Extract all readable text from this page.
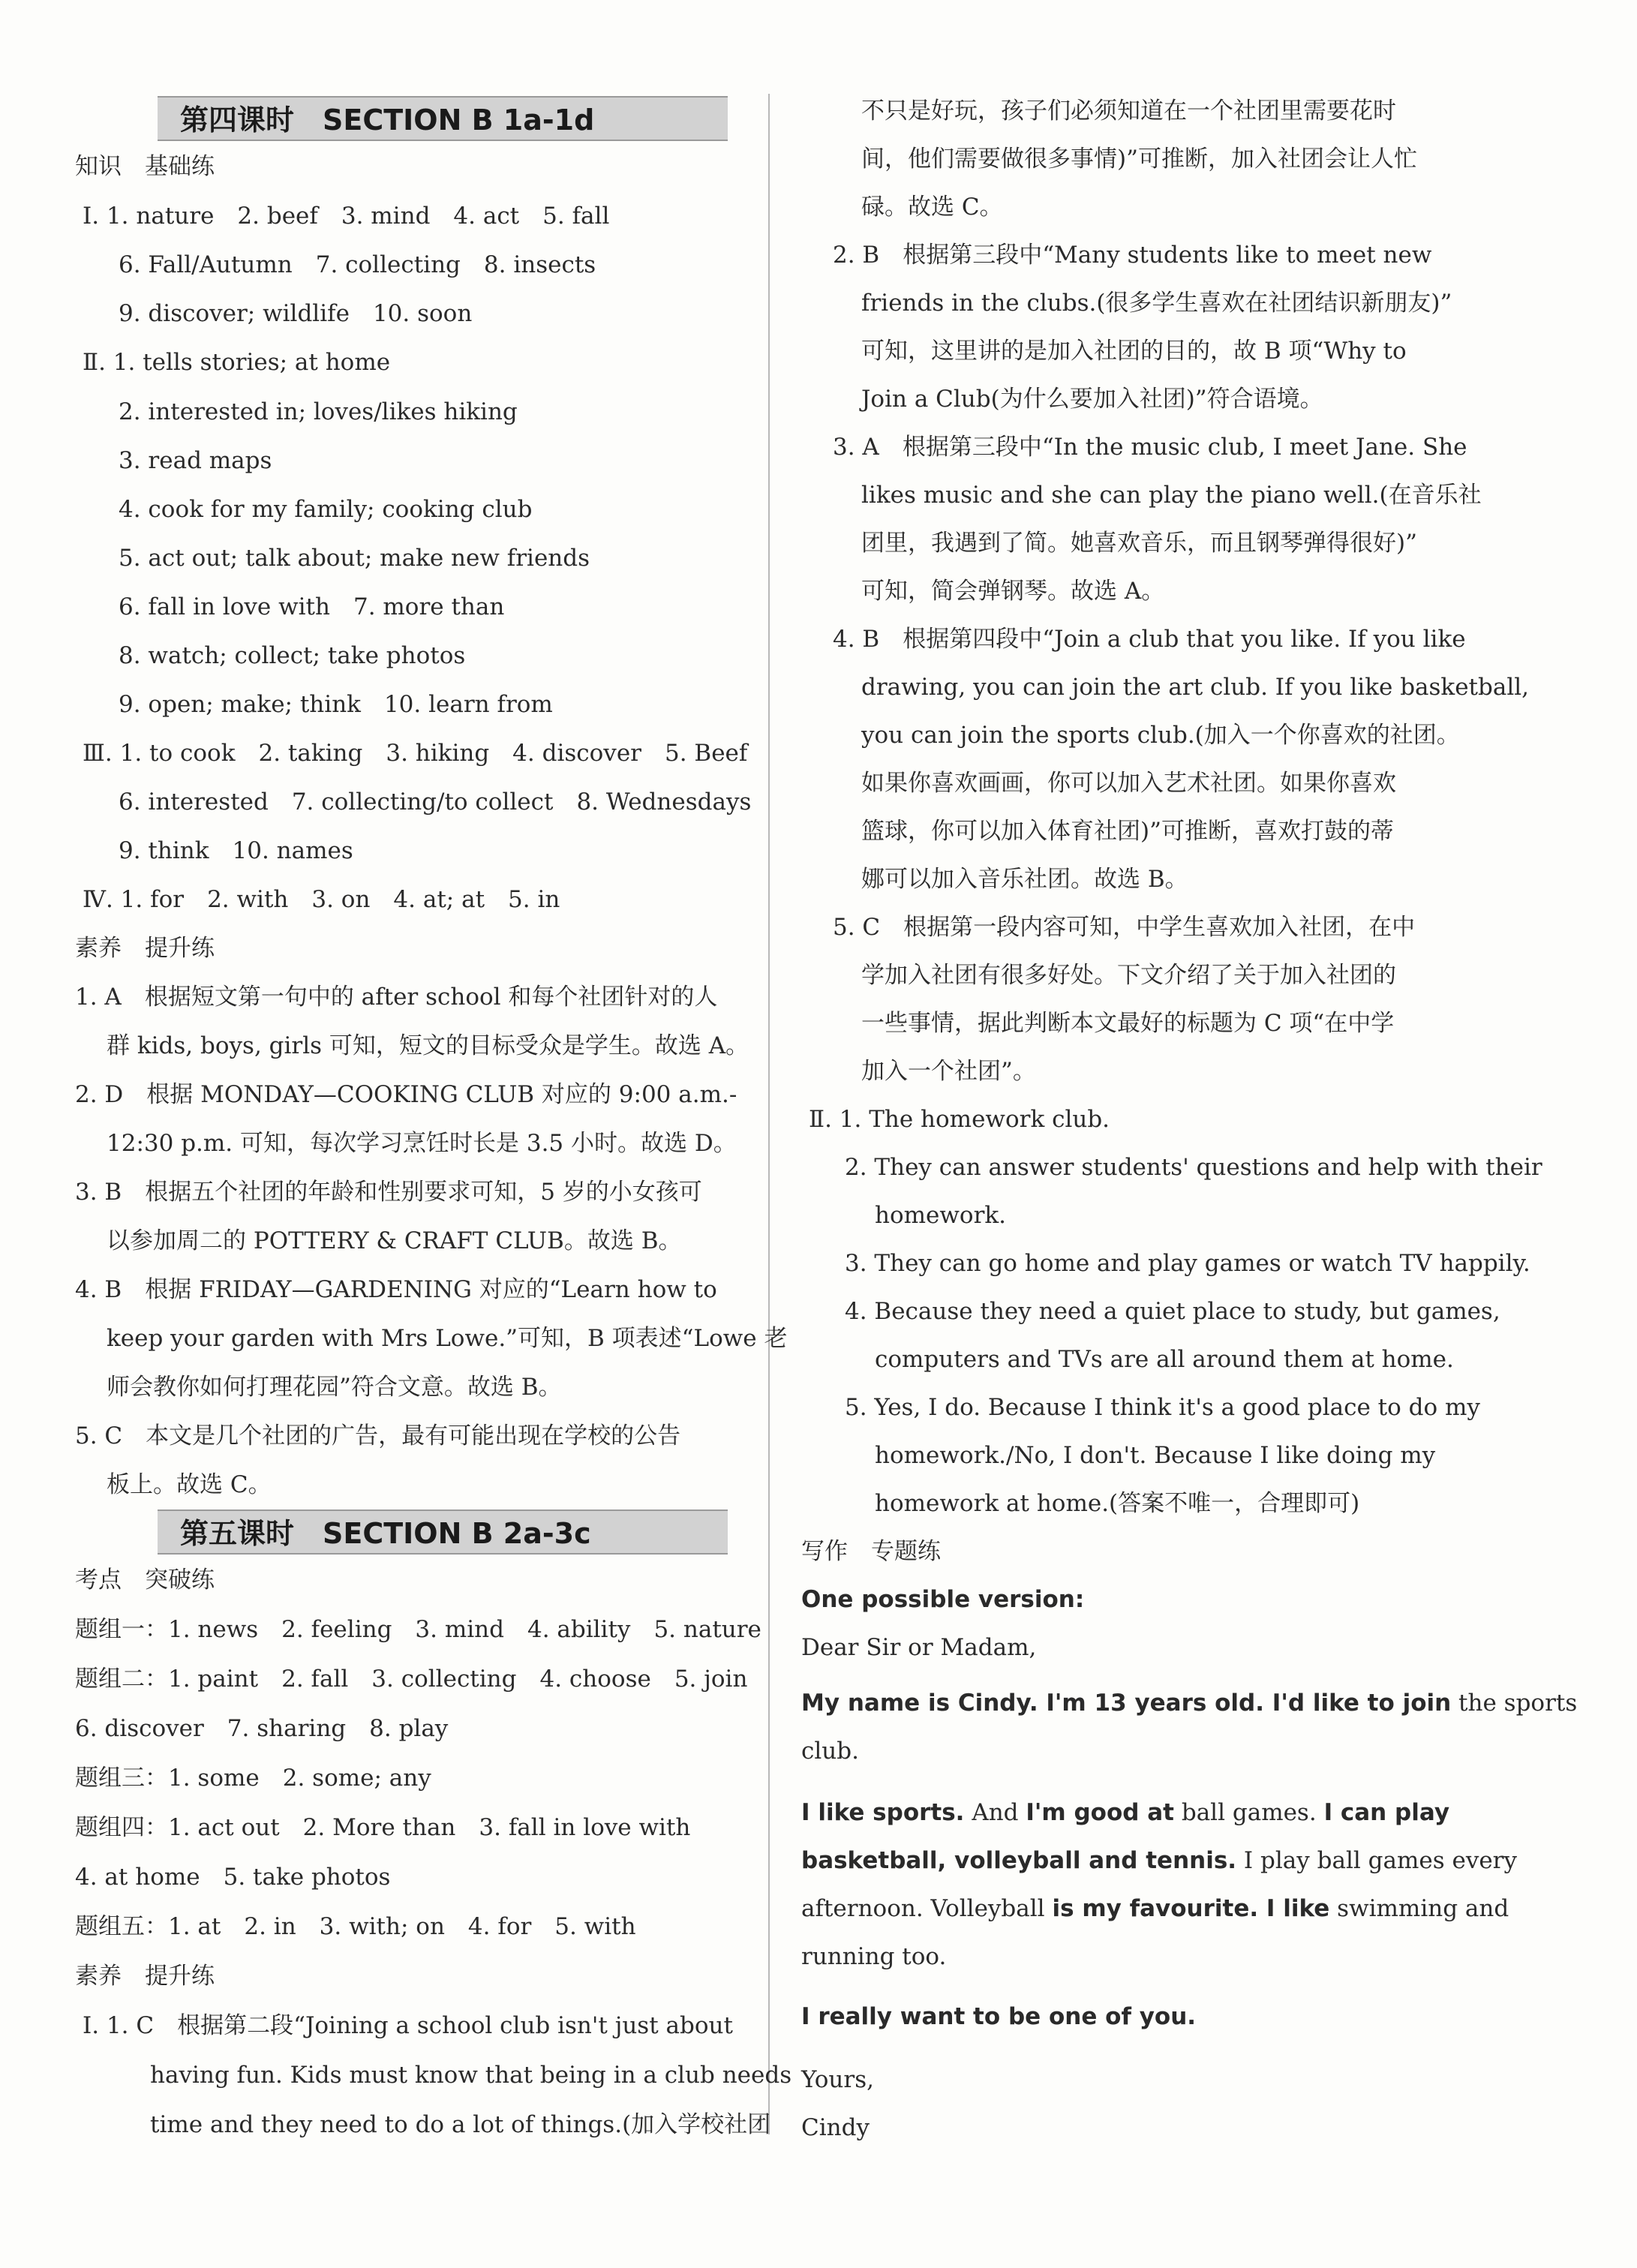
第四课时　SECTION B 1a-1d
知识　基础练
Ⅰ. 1. nature　2. beef　3. mind　4. act　5. fall
6. Fall/Autumn　7. collecting　8. insects
9. discover; wildlife　10. soon
Ⅱ. 1. tells stories; at home
2. interested in; loves/likes hiking
3. read maps
4. cook for my family; cooking club
5. act out; talk about; make new friends
6. fall in love with　7. more than
8. watch; collect; take photos
9. open; make; think　10. learn from
Ⅲ. 1. to cook　2. taking　3. hiking　4. discover　5. Beef
6. interested　7. collecting/to collect　8. Wednesdays
9. think　10. names
Ⅳ. 1. for　2. with　3. on　4. at; at　5. in
素养　提升练
1. A　根据短文第一句中的 after school 和每个社团针对的人
群 kids, boys, girls 可知，短文的目标受众是学生。故选 A。
2. D　根据 MONDAY—COOKING CLUB 对应的 9:00 a.m.-
12:30 p.m. 可知，每次学习烹饪时长是 3.5 小时。故选 D。
3. B　根据五个社团的年龄和性别要求可知，5 岁的小女孩可
以参加周二的 POTTERY & CRAFT CLUB。故选 B。
4. B　根据 FRIDAY—GARDENING 对应的“Learn how to
keep your garden with Mrs Lowe.”可知，B 项表述“Lowe 老
师会教你如何打理花园”符合文意。故选 B。
5. C　本文是几个社团的广告，最有可能出现在学校的公告
板上。故选 C。
第五课时　SECTION B 2a-3c
考点　突破练
题组一：1. news　2. feeling　3. mind　4. ability　5. nature
题组二：1. paint　2. fall　3. collecting　4. choose　5. join
6. discover　7. sharing　8. play
题组三：1. some　2. some; any
题组四：1. act out　2. More than　3. fall in love with
4. at home　5. take photos
题组五：1. at　2. in　3. with; on　4. for　5. with
素养　提升练
Ⅰ. 1. C　根据第二段“Joining a school club isn't just about
having fun. Kids must know that being in a club needs
time and they need to do a lot of things.(加入学校社团
不只是好玩，孩子们必须知道在一个社团里需要花时
间，他们需要做很多事情)”可推断，加入社团会让人忙
碌。故选 C。
2. B　根据第三段中“Many students like to meet new
friends in the clubs.(很多学生喜欢在社团结识新朋友)”
可知，这里讲的是加入社团的目的，故 B 项“Why to
Join a Club(为什么要加入社团)”符合语境。
3. A　根据第三段中“In the music club, I meet Jane. She
likes music and she can play the piano well.(在音乐社
团里，我遇到了简。她喜欢音乐，而且钢琴弹得很好)”
可知，简会弹钢琴。故选 A。
4. B　根据第四段中“Join a club that you like. If you like
drawing, you can join the art club. If you like basketball,
you can join the sports club.(加入一个你喜欢的社团。
如果你喜欢画画，你可以加入艺术社团。如果你喜欢
篮球，你可以加入体育社团)”可推断，喜欢打鼓的蒂
娜可以加入音乐社团。故选 B。
5. C　根据第一段内容可知，中学生喜欢加入社团，在中
学加入社团有很多好处。下文介绍了关于加入社团的
一些事情，据此判断本文最好的标题为 C 项“在中学
加入一个社团”。
Ⅱ. 1. The homework club.
2. They can answer students' questions and help with their
homework.
3. They can go home and play games or watch TV happily.
4. Because they need a quiet place to study, but games,
computers and TVs are all around them at home.
5. Yes, I do. Because I think it's a good place to do my
homework./No, I don't. Because I like doing my
homework at home.(答案不唯一，合理即可)
写作　专题练
One possible version:
Dear Sir or Madam,
My name is Cindy. I'm 13 years old. I'd like to join the sports
club.
I like sports. And I'm good at ball games. I can play
basketball, volleyball and tennis. I play ball games every
afternoon. Volleyball is my favourite. I like swimming and
running too.
I really want to be one of you.
Yours,
Cindy
